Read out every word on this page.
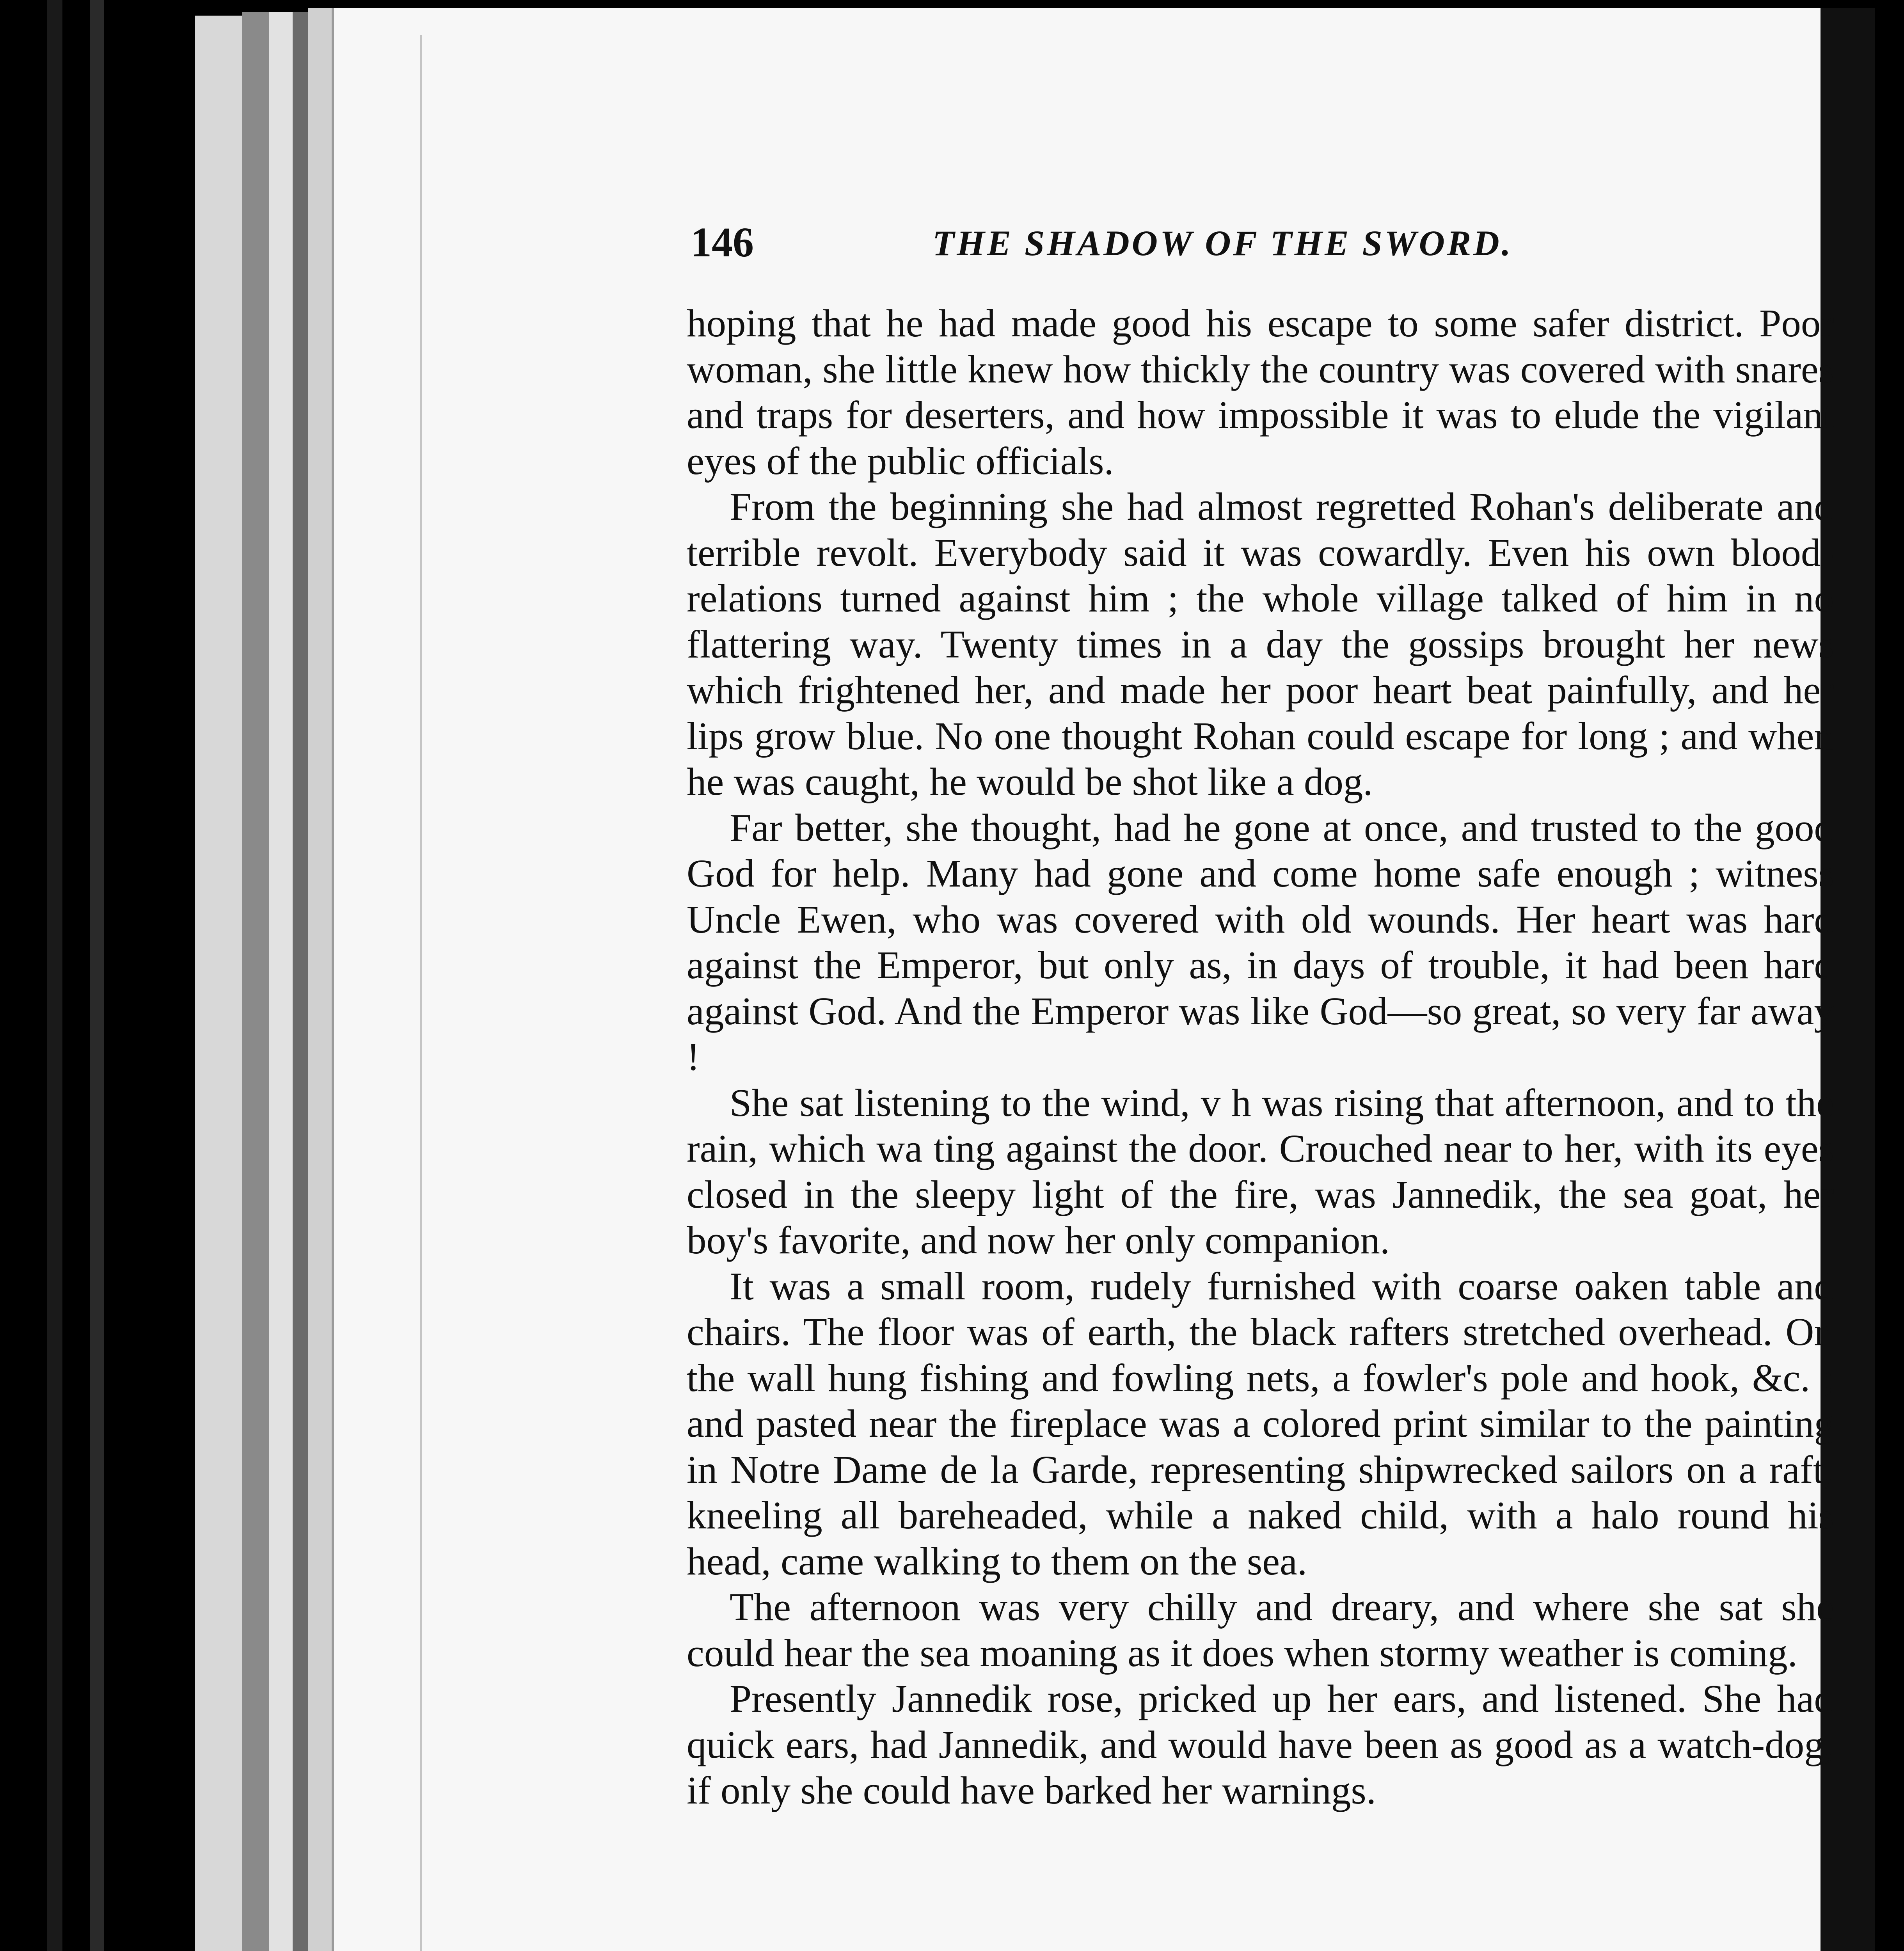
146	THE SHADOW OF THE SWORD.

hoping that he had made good his escape to some safer district. Poor woman, she little knew how thickly the country was covered with snares and traps for deserters, and how impossible it was to elude the vigilant eyes of the public officials.

From the beginning she had almost regretted Rohan's deliberate and terrible revolt. Everybody said it was cowardly. Even his own blood-relations turned against him ; the whole village talked of him in no flattering way. Twenty times in a day the gossips brought her news which frightened her, and made her poor heart beat painfully, and her lips grow blue. No one thought Rohan could escape for long ; and when he was caught, he would be shot like a dog.

Far better, she thought, had he gone at once, and trusted to the good God for help. Many had gone and come home safe enough ; witness Uncle Ewen, who was covered with old wounds. Her heart was hard against the Emperor, but only as, in days of trouble, it had been hard against God. And the Emperor was like God—so great, so very far away !

She sat listening to the wind, v h was rising that afternoon, and to the rain, which wa ting against the door. Crouched near to her, with its eyes closed in the sleepy light of the fire, was Jannedik, the sea goat, her boy's favorite, and now her only companion.

It was a small room, rudely furnished with coarse oaken table and chairs. The floor was of earth, the black rafters stretched overhead. On the wall hung fishing and fowling nets, a fowler's pole and hook, &c. ; and pasted near the fireplace was a colored print similar to the painting in Notre Dame de la Garde, representing shipwrecked sailors on a raft, kneeling all bareheaded, while a naked child, with a halo round his head, came walking to them on the sea.

The afternoon was very chilly and dreary, and where she sat she could hear the sea moaning as it does when stormy weather is coming.

Presently Jannedik rose, pricked up her ears, and listened. She had quick ears, had Jannedik, and would have been as good as a watch-dog, if only she could have barked her warnings.
